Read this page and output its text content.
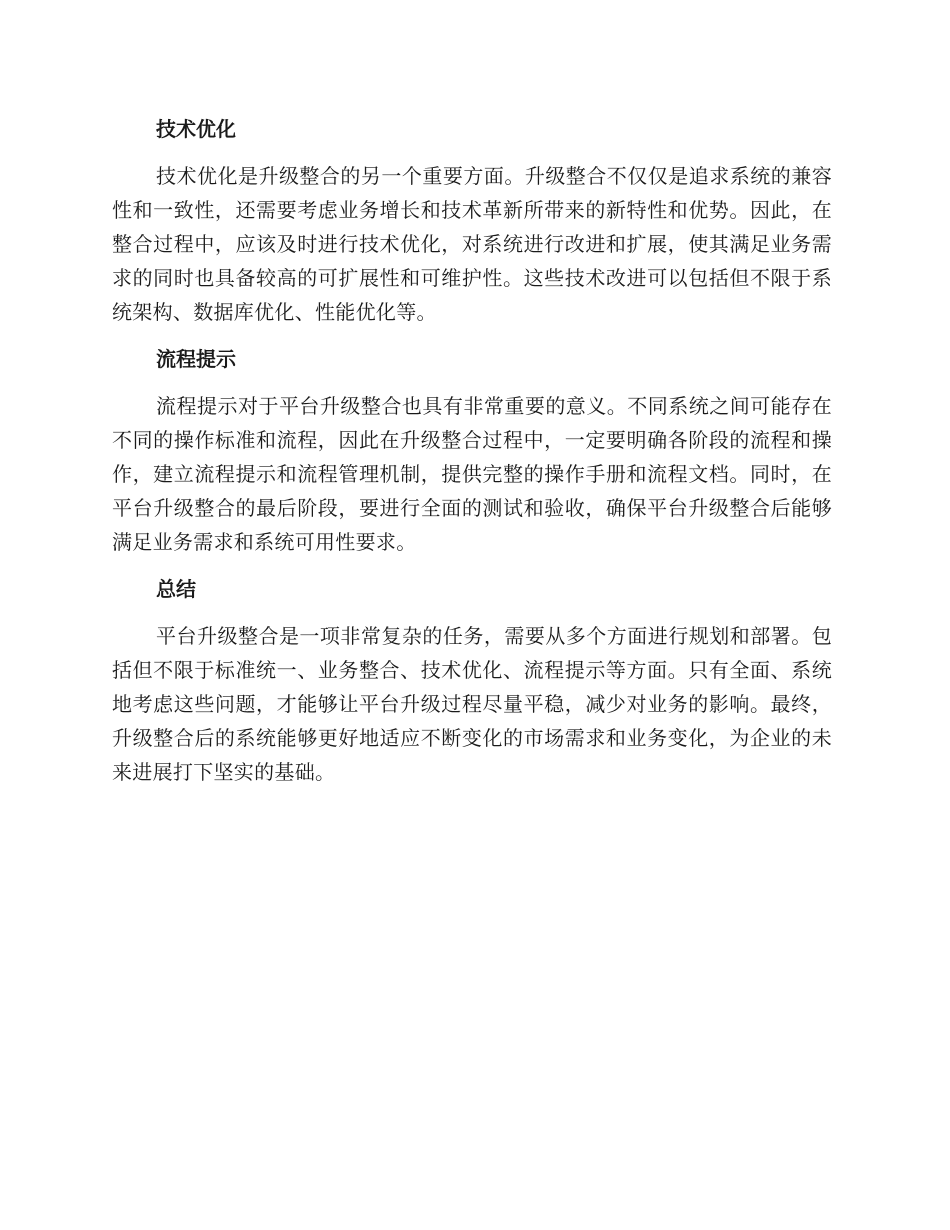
技术优化

技术优化是升级整合的另一个重要方面。升级整合不仅仅是追求系统的兼容性和一致性，还需要考虑业务增长和技术革新所带来的新特性和优势。因此，在整合过程中，应该及时进行技术优化，对系统进行改进和扩展，使其满足业务需求的同时也具备较高的可扩展性和可维护性。这些技术改进可以包括但不限于系统架构、数据库优化、性能优化等。

流程提示

流程提示对于平台升级整合也具有非常重要的意义。不同系统之间可能存在不同的操作标准和流程，因此在升级整合过程中，一定要明确各阶段的流程和操作，建立流程提示和流程管理机制，提供完整的操作手册和流程文档。同时，在平台升级整合的最后阶段，要进行全面的测试和验收，确保平台升级整合后能够满足业务需求和系统可用性要求。

总结

平台升级整合是一项非常复杂的任务，需要从多个方面进行规划和部署。包括但不限于标准统一、业务整合、技术优化、流程提示等方面。只有全面、系统地考虑这些问题，才能够让平台升级过程尽量平稳，减少对业务的影响。最终，升级整合后的系统能够更好地适应不断变化的市场需求和业务变化，为企业的未来进展打下坚实的基础。
